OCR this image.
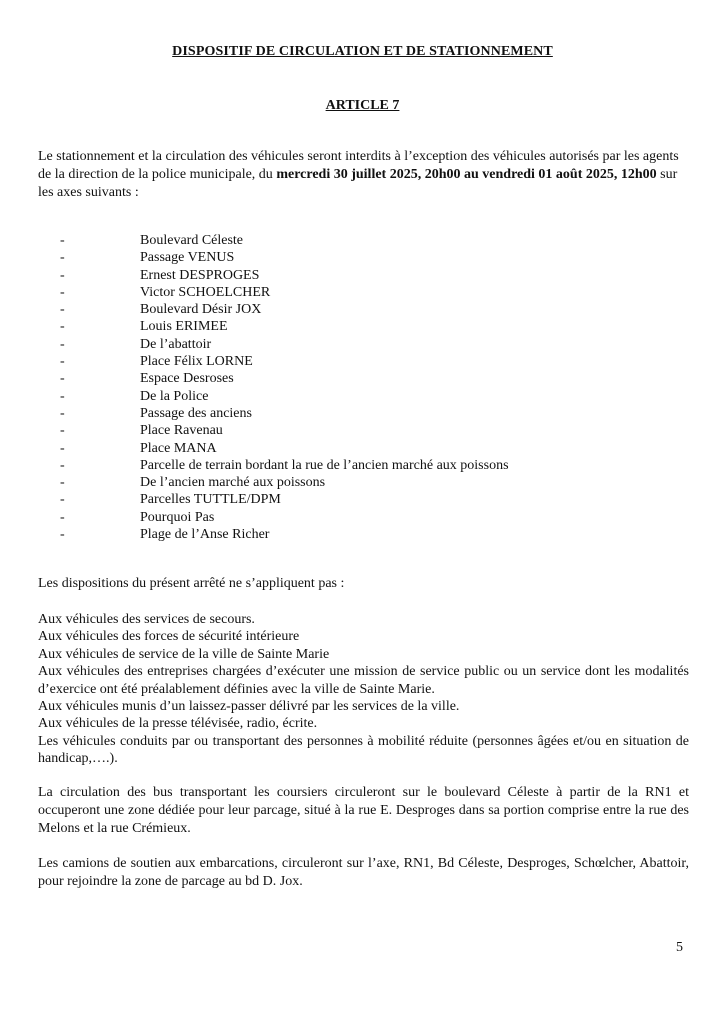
DISPOSITIF DE CIRCULATION ET DE STATIONNEMENT
ARTICLE 7
Le stationnement et la circulation des véhicules seront interdits à l’exception des véhicules autorisés par les agents de la direction de la police municipale, du mercredi 30 juillet 2025, 20h00 au vendredi 01 août 2025, 12h00 sur les axes suivants :
-	Boulevard Céleste
-	Passage VENUS
-	Ernest DESPROGES
-	Victor SCHOELCHER
-	Boulevard Désir JOX
-	Louis ERIMEE
-	De l’abattoir
-	Place Félix LORNE
-	Espace Desroses
-	De la Police
-	Passage des anciens
-	Place Ravenau
-	Place MANA
-	Parcelle de terrain bordant la rue de l’ancien marché aux poissons
-	De l’ancien marché aux poissons
-	Parcelles TUTTLE/DPM
-	Pourquoi Pas
-	Plage de l’Anse Richer
Les dispositions du présent arrêté ne s’appliquent pas :

Aux véhicules des services de secours.

Aux véhicules des forces de sécurité intérieure

Aux véhicules de service de la ville de Sainte Marie

Aux véhicules des entreprises chargées d’exécuter une mission de service public ou un service dont les modalités d’exercice ont été préalablement définies avec la ville de Sainte Marie.

Aux véhicules munis d’un laissez-passer délivré par les services de la ville.

Aux véhicules de la presse télévisée, radio, écrite.

Les véhicules conduits par ou transportant des personnes à mobilité réduite (personnes âgées et/ou en situation de handicap,….).

La circulation des bus transportant les coursiers circuleront sur le boulevard Céleste à partir de la RN1 et occuperont une zone dédiée pour leur parcage, situé à la rue E. Desproges dans sa portion comprise entre la rue des Melons et la rue Crémieux.

Les camions de soutien aux embarcations, circuleront sur l’axe, RN1, Bd Céleste, Desproges, Schœlcher, Abattoir, pour rejoindre la zone de parcage au bd D. Jox.

5
